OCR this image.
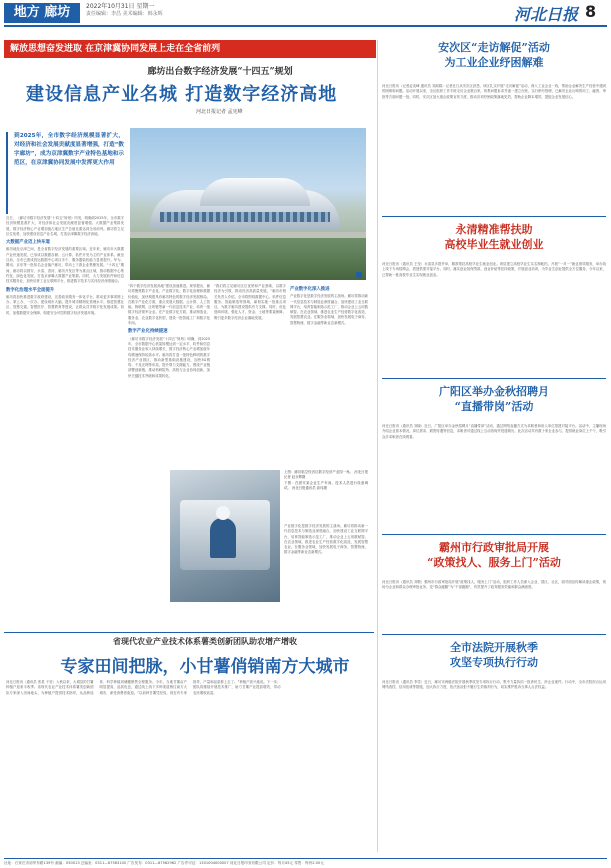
地方 廊坊	2022年10月31日 星期一
责任编辑：李昌 美术编辑：韩永辉	河北日报 8
解放思想奋发进取 在京津冀协同发展上走在全省前列
廊坊出台数字经济发展“十四五”规划
建设信息产业名城 打造数字经济高地
河北日报记者 孟宪峰
到2025年，全市数字经济规模显著扩大，对经济和社会发展贡献度显著增强，打造“数字廊坊”，成为京津冀数字产业特色基地和示范区，在京津冀协同发展中发挥更大作用
近日，《廊坊市数字经济发展“十四五”规划》印发，明确到2025年，全市数字经济规模显著扩大，对经济和社会发展贡献度显著增强。大数据产业集群发展，数字经济核心产业增加值占地区生产总值比重达到全省前列。廊坊将立足区位优势，加快建设信息产业名城，打造京津冀数字经济高地。
大数据产业迈上快车道
廊坊地处京津之间，是全省数字经济发展的重要区域。近年来，廊坊市大数据产业快速发展，已形成以数据存储、云计算、软件开发为主的产业体系。截至目前，全市已建成投运数据中心项目多个，服务器装机能力显著提升。华为、腾讯、京东等一批知名企业落户廊坊，带动上下游企业集聚发展。“十四五”期间，廊坊将以固安、永清、香河、廊坊开发区等为重点区域，推动数据中心集约化、绿色化发展，打造京津冀大数据产业集群。同时，大力发展软件和信息技术服务业，加快培育工业互联网平台，推进数字技术与实体经济深度融合。
数字化治理水平全面提升
廊坊将加快推进数字政府建设，完善政务服务一体化平台，推动更多事项网上办、掌上办、一次办。建设城市大脑，提升城市精细化管理水平。推进智慧社区、智慧交通、智慧医疗、智慧教育等建设，让群众共享数字化发展成果。同时，加强数据安全保障，构建安全可控的数字经济发展环境。
“四个数字经济发展高地”建设加速推进。规划提出，廊坊将聚焦数字产业化、产业数字化、数字化治理和数据价值化，加快构建具有廊坊特色的数字经济发展格局。在数字产业化方面，重点发展大数据、云计算、人工智能、物联网、区块链等新一代信息技术产业，培育一批数字经济领军企业。在产业数字化方面，推动制造业、服务业、农业数字化转型，建设一批智能工厂和数字化车间。
数字产业化持续提速
《廊坊市数字经济发展“十四五”规划》明确，到2025年，全市数据中心机架规模达到一定水平，软件和信息技术服务业收入持续增长，数字经济核心产业增加值年均增速保持较高水平。廊坊将打造一批特色鲜明的数字经济产业园区，推动新型基础设施建设，加快5G网络、千兆光网等布局，提升算力支撑能力。围绕产业链部署创新链，推动科研院所、高校与企业协同创新，加快关键技术突破和成果转化。
“我们将立足廊坊区位优势和产业基础，以数字经济为引领，推动经济高质量发展。”廊坊市相关负责人介绍，全市将围绕数据中心、软件信息服务、智能制造等领域，谋划实施一批重点项目，为数字廊坊建设提供有力支撑。同时，优化营商环境，强化人才、资金、土地等要素保障，吸引更多数字经济企业落地发展。
上图：廊坊临空经济区数字经济产业园一角。 河北日报记者 赵永辉摄
下图：在固安某企业生产车间，技术人员进行设备调试。 河北日报通讯员 高玮摄
产业数字化深入推进
产业数字化是数字经济发展的主战场。廊坊将推动新一代信息技术与制造业深度融合，加快建设工业互联网平台，培育智能制造示范工厂，推动企业上云用数赋智。在农业领域，推进农业生产经营数字化改造，发展智慧农业。在服务业领域，加快发展电子商务、智慧物流、数字金融等新业态新模式。
产业数字化是数字经济发展的主战场。廊坊将推动新一代信息技术与制造业深度融合，加快建设工业互联网平台，培育智能制造示范工厂，推动企业上云用数赋智。在农业领域，推进农业生产经营数字化改造，发展智慧农业。在服务业领域，加快发展电子商务、智慧物流、数字金融等新业态新模式。
安次区“走访解促”活动
为工业企业纾困解难
河北日报讯（记者孟宪峰 通讯员 刘淑娟）记者近日从安次区获悉，该区扎实开展“走访解促”活动，深入工业企业一线，帮助企业解决生产经营中遇到的困难和问题。活动开展以来，全区组织工作专班走访企业数百家，收集问题诉求并逐一建立台账，实行销号管理，已解决企业反映的用工、融资、审批等方面问题一批。同时，安次区加大惠企政策宣传力度，推动各项纾困政策落地见效，帮助企业降本增效，提振企业发展信心。
永清精准帮扶助
高校毕业生就业创业
河北日报讯（通讯员 王莹）永清县多措并举，精准帮扶高校毕业生就业创业。该县建立高校毕业生实名制帐档，开展“一对一”就业指导服务，举办线上线下专场招聘会，搭建供需对接平台。同时，落实创业担保贷款、创业补贴等扶持政策，开展创业培训，为毕业生创业提供全方位服务。今年以来，已帮助一批高校毕业生实现就业创业。
广阳区举办金秋招聘月
“直播带岗”活动
河北日报讯（通讯员 刘晓）近日，广阳区举办金秋招聘月“直播带岗”活动，通过网络直播方式为求职者和用人单位搭建对接平台。活动中，主播现场介绍企业基本情况、岗位需求、薪资待遇等信息，求职者可通过线上互动咨询并投递简历。此次活动共有数十家企业参与，提供就业岗位上千个，吸引众多求职者在线观看。
霸州市行政审批局开展
“政策找人、服务上门”活动
河北日报讯（通讯员 刘敬）霸州市行政审批局开展“政策找人、服务上门”活动，组织工作人员深入企业、园区、社区，面对面宣传解读惠企政策，现场为企业和群众办理审批业务，变“群众跑腿”为“干部跑腿”，有效提升了政务服务效能和群众满意度。
全市法院开展秋季
攻坚专项执行行动
河北日报讯（通讯员 李雪）近日，廊坊市两级法院开展秋季攻坚专项执行行动，集中力量执结一批涉民生、涉企业案件。行动中，全市法院综合运用网络查控、信用惩戒等措施，加大执行力度，依法惩治拒不履行生效裁判行为，切实维护胜诉当事人合法权益。
省现代农业产业技术体系薯类创新团队助农增产增收
专家田间把脉，小甘薯俏销南方大城市
河北日报讯（通讯员 张星 于莹）入秋以来，大城县的甘薯种植户迎来丰收季。省现代农业产业技术体系薯类创新团队专家深入田间地头，为种植户提供技术指导，从品种选育、科学种植到储藏销售全程服务。今年，当地甘薯亩产明显提高，品质优良，通过线上线下多种渠道销往南方大城市，深受消费者欢迎。“以前种甘薯凭经验，现在有专家指导，产量和品质都上去了。”种植户高兴地说。下一步，团队将继续开展技术推广，助力甘薯产业提质增效，带动农民增收致富。
社址：石家庄市裕华东路139号 邮编：050013 总编室：0311—67563100 广告发布：0311—67562962 广告许可证：1301004000007 河北日报印务有限公司 定价：每月45元 零售：每份2.00元
